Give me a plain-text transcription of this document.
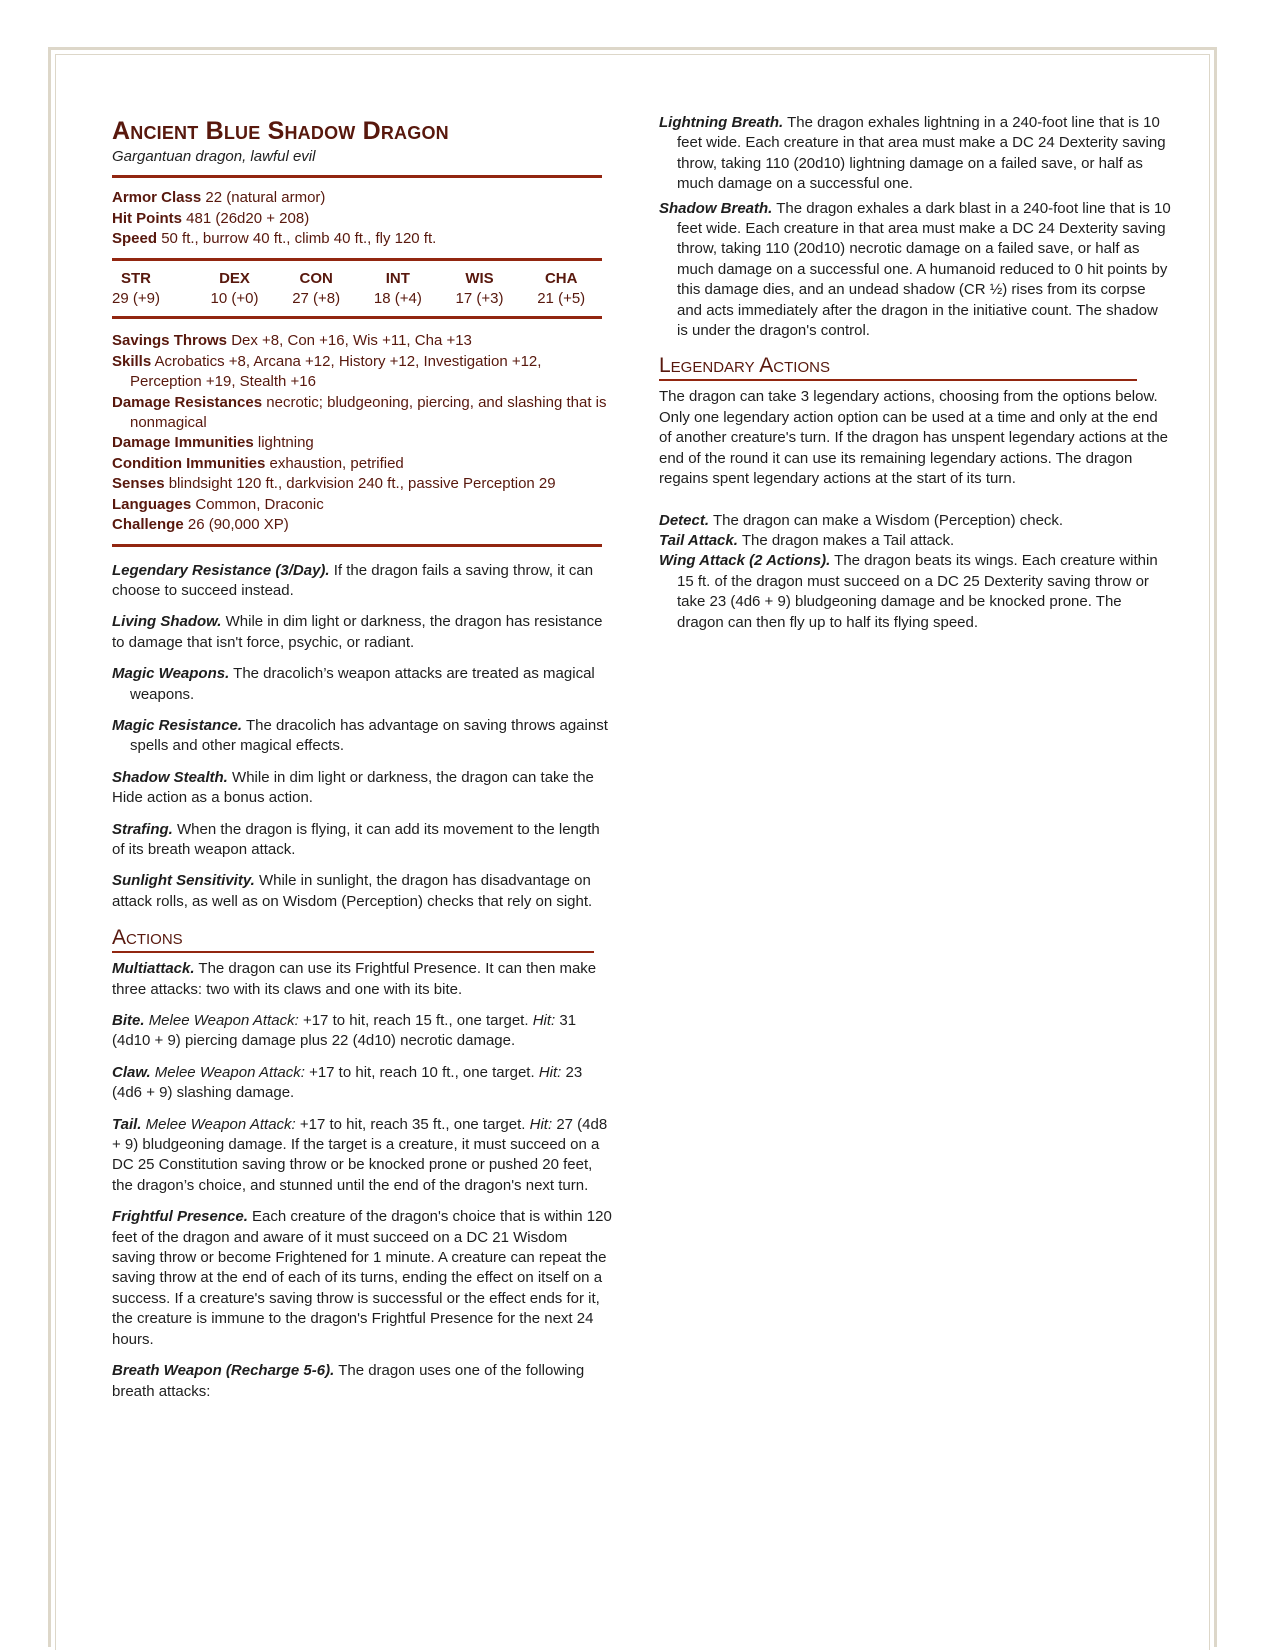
Ancient Blue Shadow Dragon
Gargantuan dragon, lawful evil

Armor Class 22 (natural armor)

Hit Points 481 (26d20 + 208)

Speed 50 ft., burrow 40 ft., climb 40 ft., fly 120 ft.

STR
29 (+9)
DEX
10 (+0)
CON
27 (+8)
INT
18 (+4)
WIS
17 (+3)
CHA
21 (+5)

Savings Throws Dex +8, Con +16, Wis +11, Cha +13

Skills Acrobatics +8, Arcana +12, History +12, Investigation +12, Perception +19, Stealth +16

Damage Resistances necrotic; bludgeoning, piercing, and slashing that is nonmagical

Damage Immunities lightning

Condition Immunities exhaustion, petrified

Senses blindsight 120 ft., darkvision 240 ft., passive Perception 29

Languages Common, Draconic

Challenge 26 (90,000 XP)

Legendary Resistance (3/Day). If the dragon fails a saving throw, it can choose to succeed instead.

Living Shadow. While in dim light or darkness, the dragon has resistance to damage that isn't force, psychic, or radiant.

Magic Weapons. The dracolich’s weapon attacks are treated as magical weapons.

Magic Resistance. The dracolich has advantage on saving throws against spells and other magical effects.

Shadow Stealth. While in dim light or darkness, the dragon can take the Hide action as a bonus action.

Strafing. When the dragon is flying, it can add its movement to the length of its breath weapon attack.

Sunlight Sensitivity. While in sunlight, the dragon has disadvantage on attack rolls, as well as on Wisdom (Perception) checks that rely on sight.

Actions

Multiattack. The dragon can use its Frightful Presence. It can then make three attacks: two with its claws and one with its bite.

Bite. Melee Weapon Attack: +17 to hit, reach 15 ft., one target. Hit: 31 (4d10 + 9) piercing damage plus 22 (4d10) necrotic damage.

Claw. Melee Weapon Attack: +17 to hit, reach 10 ft., one target. Hit: 23 (4d6 + 9) slashing damage.

Tail. Melee Weapon Attack: +17 to hit, reach 35 ft., one target. Hit: 27 (4d8 + 9) bludgeoning damage. If the target is a creature, it must succeed on a DC 25 Constitution saving throw or be knocked prone or pushed 20 feet, the dragon’s choice, and stunned until the end of the dragon's next turn.

Frightful Presence. Each creature of the dragon's choice that is within 120 feet of the dragon and aware of it must succeed on a DC 21 Wisdom saving throw or become Frightened for 1 minute. A creature can repeat the saving throw at the end of each of its turns, ending the effect on itself on a success. If a creature's saving throw is successful or the effect ends for it, the creature is immune to the dragon's Frightful Presence for the next 24 hours.

Breath Weapon (Recharge 5-6). The dragon uses one of the following breath attacks:

Lightning Breath. The dragon exhales lightning in a 240-foot line that is 10 feet wide. Each creature in that area must make a DC 24 Dexterity saving throw, taking 110 (20d10) lightning damage on a failed save, or half as much damage on a successful one.

Shadow Breath. The dragon exhales a dark blast in a 240-foot line that is 10 feet wide. Each creature in that area must make a DC 24 Dexterity saving throw, taking 110 (20d10) necrotic damage on a failed save, or half as much damage on a successful one. A humanoid reduced to 0 hit points by this damage dies, and an undead shadow (CR ½) rises from its corpse and acts immediately after the dragon in the initiative count. The shadow is under the dragon's control.

Legendary Actions

The dragon can take 3 legendary actions, choosing from the options below. Only one legendary action option can be used at a time and only at the end of another creature's turn. If the dragon has unspent legendary actions at the end of the round it can use its remaining legendary actions. The dragon regains spent legendary actions at the start of its turn.

Detect. The dragon can make a Wisdom (Perception) check.

Tail Attack. The dragon makes a Tail attack.

Wing Attack (2 Actions). The dragon beats its wings. Each creature within 15 ft. of the dragon must succeed on a DC 25 Dexterity saving throw or take 23 (4d6 + 9) bludgeoning damage and be knocked prone. The dragon can then fly up to half its flying speed.
